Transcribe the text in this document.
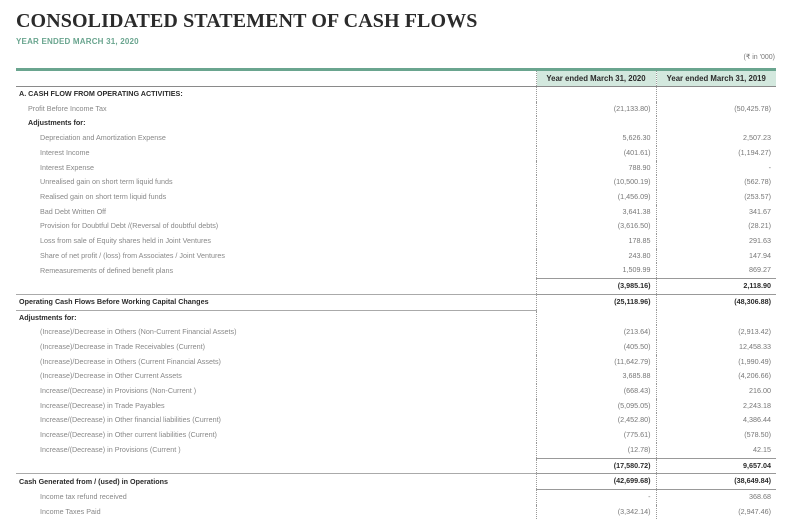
CONSOLIDATED STATEMENT OF CASH FLOWS
YEAR ENDED MARCH 31, 2020
(₹ in '000)
	Year ended March 31, 2020	Year ended March 31, 2019
A. CASH FLOW FROM OPERATING ACTIVITIES:		
Profit Before Income Tax	(21,133.80)	(50,425.78)
Adjustments for:		
Depreciation and Amortization Expense	5,626.30	2,507.23
Interest Income	(401.61)	(1,194.27)
Interest Expense	788.90	-
Unrealised gain on short term liquid funds	(10,500.19)	(562.78)
Realised gain on short term liquid funds	(1,456.09)	(253.57)
Bad Debt Written Off	3,641.38	341.67
Provision for Doubtful Debt /(Reversal of doubtful debts)	(3,616.50)	(28.21)
Loss from sale of Equity shares held in Joint Ventures	178.85	291.63
Share of net profit / (loss) from Associates / Joint Ventures	243.80	147.94
Remeasurements of defined benefit plans	1,509.99	869.27
	(3,985.16)	2,118.90
Operating Cash Flows Before Working Capital Changes	(25,118.96)	(48,306.88)
Adjustments for:		
(Increase)/Decrease in Others (Non-Current Financial Assets)	(213.64)	(2,913.42)
(Increase)/Decrease in Trade Receivables (Current)	(405.50)	12,458.33
(Increase)/Decrease in Others (Current Financial Assets)	(11,642.79)	(1,990.49)
(Increase)/Decrease in Other Current Assets	3,685.88	(4,206.66)
Increase/(Decrease) in Provisions (Non-Current )	(668.43)	216.00
Increase/(Decrease) in Trade Payables	(5,095.05)	2,243.18
Increase/(Decrease) in Other financial liabilities (Current)	(2,452.80)	4,386.44
Increase/(Decrease) in Other current liabilities (Current)	(775.61)	(578.50)
Increase/(Decrease) in Provisions (Current )	(12.78)	42.15
	(17,580.72)	9,657.04
Cash Generated from / (used) in Operations	(42,699.68)	(38,649.84)
Income tax refund received	-	368.68
Income Taxes Paid	(3,342.14)	(2,947.46)
